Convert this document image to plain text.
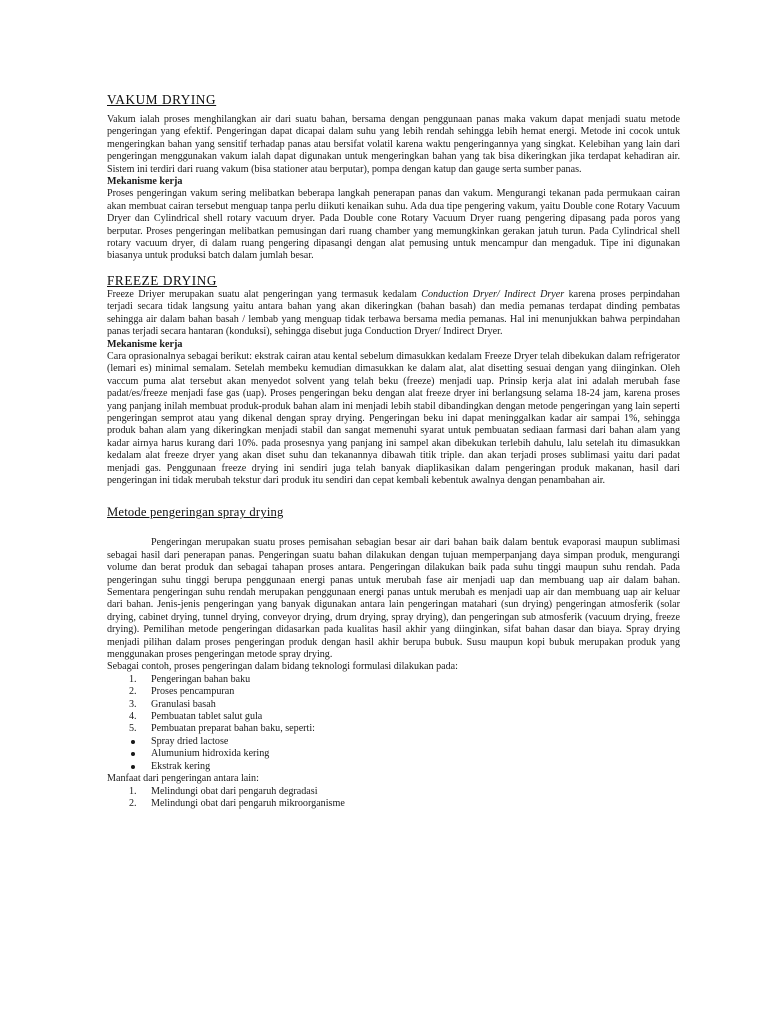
VAKUM DRYING

Vakum ialah proses menghilangkan air dari suatu bahan, bersama dengan penggunaan panas maka vakum dapat menjadi suatu metode pengeringan yang efektif. Pengeringan dapat dicapai dalam suhu yang lebih rendah sehingga lebih hemat energi. Metode ini cocok untuk mengeringkan bahan yang sensitif terhadap panas atau bersifat volatil karena waktu pengeringannya yang singkat. Kelebihan yang lain dari pengeringan menggunakan vakum ialah dapat digunakan untuk mengeringkan bahan yang tak bisa dikeringkan jika terdapat kehadiran air. Sistem ini terdiri dari ruang vakum (bisa stationer atau berputar), pompa dengan katup dan gauge serta sumber panas.

Mekanisme kerja

Proses pengeringan vakum sering melibatkan beberapa langkah penerapan panas dan vakum. Mengurangi tekanan pada permukaan cairan akan membuat cairan tersebut menguap tanpa perlu diikuti kenaikan suhu. Ada dua tipe pengering vakum, yaitu Double cone Rotary Vacuum Dryer dan Cylindrical shell rotary vacuum dryer. Pada Double cone Rotary Vacuum Dryer ruang pengering dipasang pada poros yang berputar. Proses pengeringan melibatkan pemusingan dari ruang chamber yang memungkinkan gerakan jatuh turun. Pada Cylindrical shell rotary vacuum dryer, di dalam ruang pengering dipasangi dengan alat pemusing untuk mencampur dan mengaduk. Tipe ini digunakan biasanya untuk produksi batch dalam jumlah besar.

FREEZE DRYING

Freeze Driyer merupakan suatu alat pengeringan yang termasuk kedalam Conduction Dryer/ Indirect Dryer karena proses perpindahan terjadi secara tidak langsung yaitu antara bahan yang akan dikeringkan (bahan basah) dan media pemanas terdapat dinding pembatas sehingga air dalam bahan basah / lembab yang menguap tidak terbawa bersama media pemanas. Hal ini menunjukkan bahwa perpindahan panas terjadi secara hantaran (konduksi), sehingga disebut juga Conduction Dryer/ Indirect Dryer.

Mekanisme kerja

Cara oprasionalnya sebagai berikut: ekstrak cairan atau kental sebelum dimasukkan kedalam Freeze Dryer telah dibekukan dalam refrigerator (lemari es) minimal semalam. Setelah membeku kemudian dimasukkan ke dalam alat, alat disetting sesuai dengan yang diinginkan. Oleh vaccum puma alat tersebut akan menyedot solvent yang telah beku (freeze) menjadi uap. Prinsip kerja alat ini adalah merubah fase padat/es/freeze menjadi fase gas (uap). Proses pengeringan beku dengan alat freeze dryer ini berlangsung selama 18-24 jam, karena proses yang panjang inilah membuat produk-produk bahan alam ini menjadi lebih stabil dibandingkan dengan metode pengeringan yang lain seperti pengeringan semprot atau yang dikenal dengan spray drying. Pengeringan beku ini dapat meninggalkan kadar air sampai 1%, sehingga produk bahan alam yang dikeringkan menjadi stabil dan sangat memenuhi syarat untuk pembuatan sediaan farmasi dari bahan alam yang kadar airnya harus kurang dari 10%. pada prosesnya yang panjang ini sampel akan dibekukan terlebih dahulu, lalu setelah itu dimasukkan kedalam alat freeze dryer yang akan diset suhu dan tekanannya dibawah titik triple. dan akan terjadi proses sublimasi yaitu dari padat menjadi gas. Penggunaan freeze drying ini sendiri juga telah banyak diaplikasikan dalam pengeringan produk makanan, hasil dari pengeringan ini tidak merubah tekstur dari produk itu sendiri dan cepat kembali kebentuk awalnya dengan penambahan air.

Metode pengeringan spray drying

Pengeringan merupakan suatu proses pemisahan sebagian besar air dari bahan baik dalam bentuk evaporasi maupun sublimasi sebagai hasil dari penerapan panas. Pengeringan suatu bahan dilakukan dengan tujuan memperpanjang daya simpan produk, mengurangi volume dan berat produk dan sebagai tahapan proses antara. Pengeringan dilakukan baik pada suhu tinggi maupun suhu rendah. Pada pengeringan suhu tinggi berupa penggunaan energi panas untuk merubah fase air menjadi uap dan membuang uap air dalam bahan. Sementara pengeringan suhu rendah merupakan penggunaan energi panas untuk merubah es menjadi uap air dan membuang uap air keluar dari bahan. Jenis-jenis pengeringan yang banyak digunakan antara lain pengeringan matahari (sun drying) pengeringan atmosferik (solar drying, cabinet drying, tunnel drying, conveyor drying, drum drying, spray drying), dan pengeringan sub atmosferik (vacuum drying, freeze drying). Pemilihan metode pengeringan didasarkan pada kualitas hasil akhir yang diinginkan, sifat bahan dasar dan biaya. Spray drying menjadi pilihan dalam proses pengeringan produk dengan hasil akhir berupa bubuk. Susu maupun kopi bubuk merupakan produk yang menggunakan proses pengeringan metode spray drying.

Sebagai contoh, proses pengeringan dalam bidang teknologi formulasi dilakukan pada:

1. Pengeringan bahan baku
2. Proses pencampuran
3. Granulasi basah
4. Pembuatan tablet salut gula
5. Pembuatan preparat bahan baku, seperti:
Spray dried lactose
Alumunium hidroxida kering
Ekstrak kering

Manfaat dari pengeringan antara lain:

1. Melindungi obat dari pengaruh degradasi
2. Melindungi obat dari pengaruh mikroorganisme
